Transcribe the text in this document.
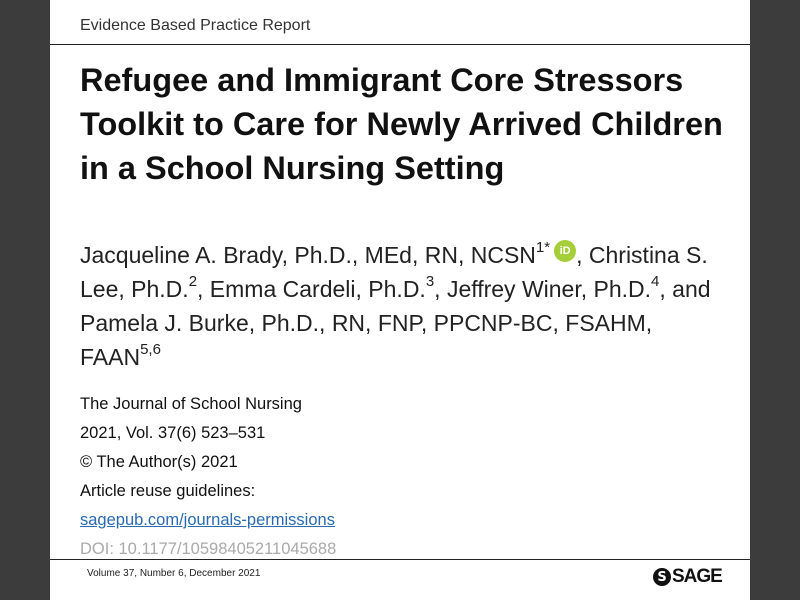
Evidence Based Practice Report
Refugee and Immigrant Core Stressors Toolkit to Care for Newly Arrived Children in a School Nursing Setting
Jacqueline A. Brady, Ph.D., MEd, RN, $NCSN^{1*}$ iD , Christina S. Lee, Ph.D.$^2$, Emma Cardeli, Ph.D.$^3$, Jeffrey Winer, Ph.D.$^4$, and Pamela J. Burke, Ph.D., RN, FNP, PPCNP-BC, FSAHM, FAAN$^{5,6}$
The Journal of School Nursing
2021, Vol. 37(6) 523–531
© The Author(s) 2021
Article reuse guidelines:
sagepub.com/journals-permissions
DOI: 10.1177/10598405211045688
Volume 37, Number 6, December 2021	S SAGE
